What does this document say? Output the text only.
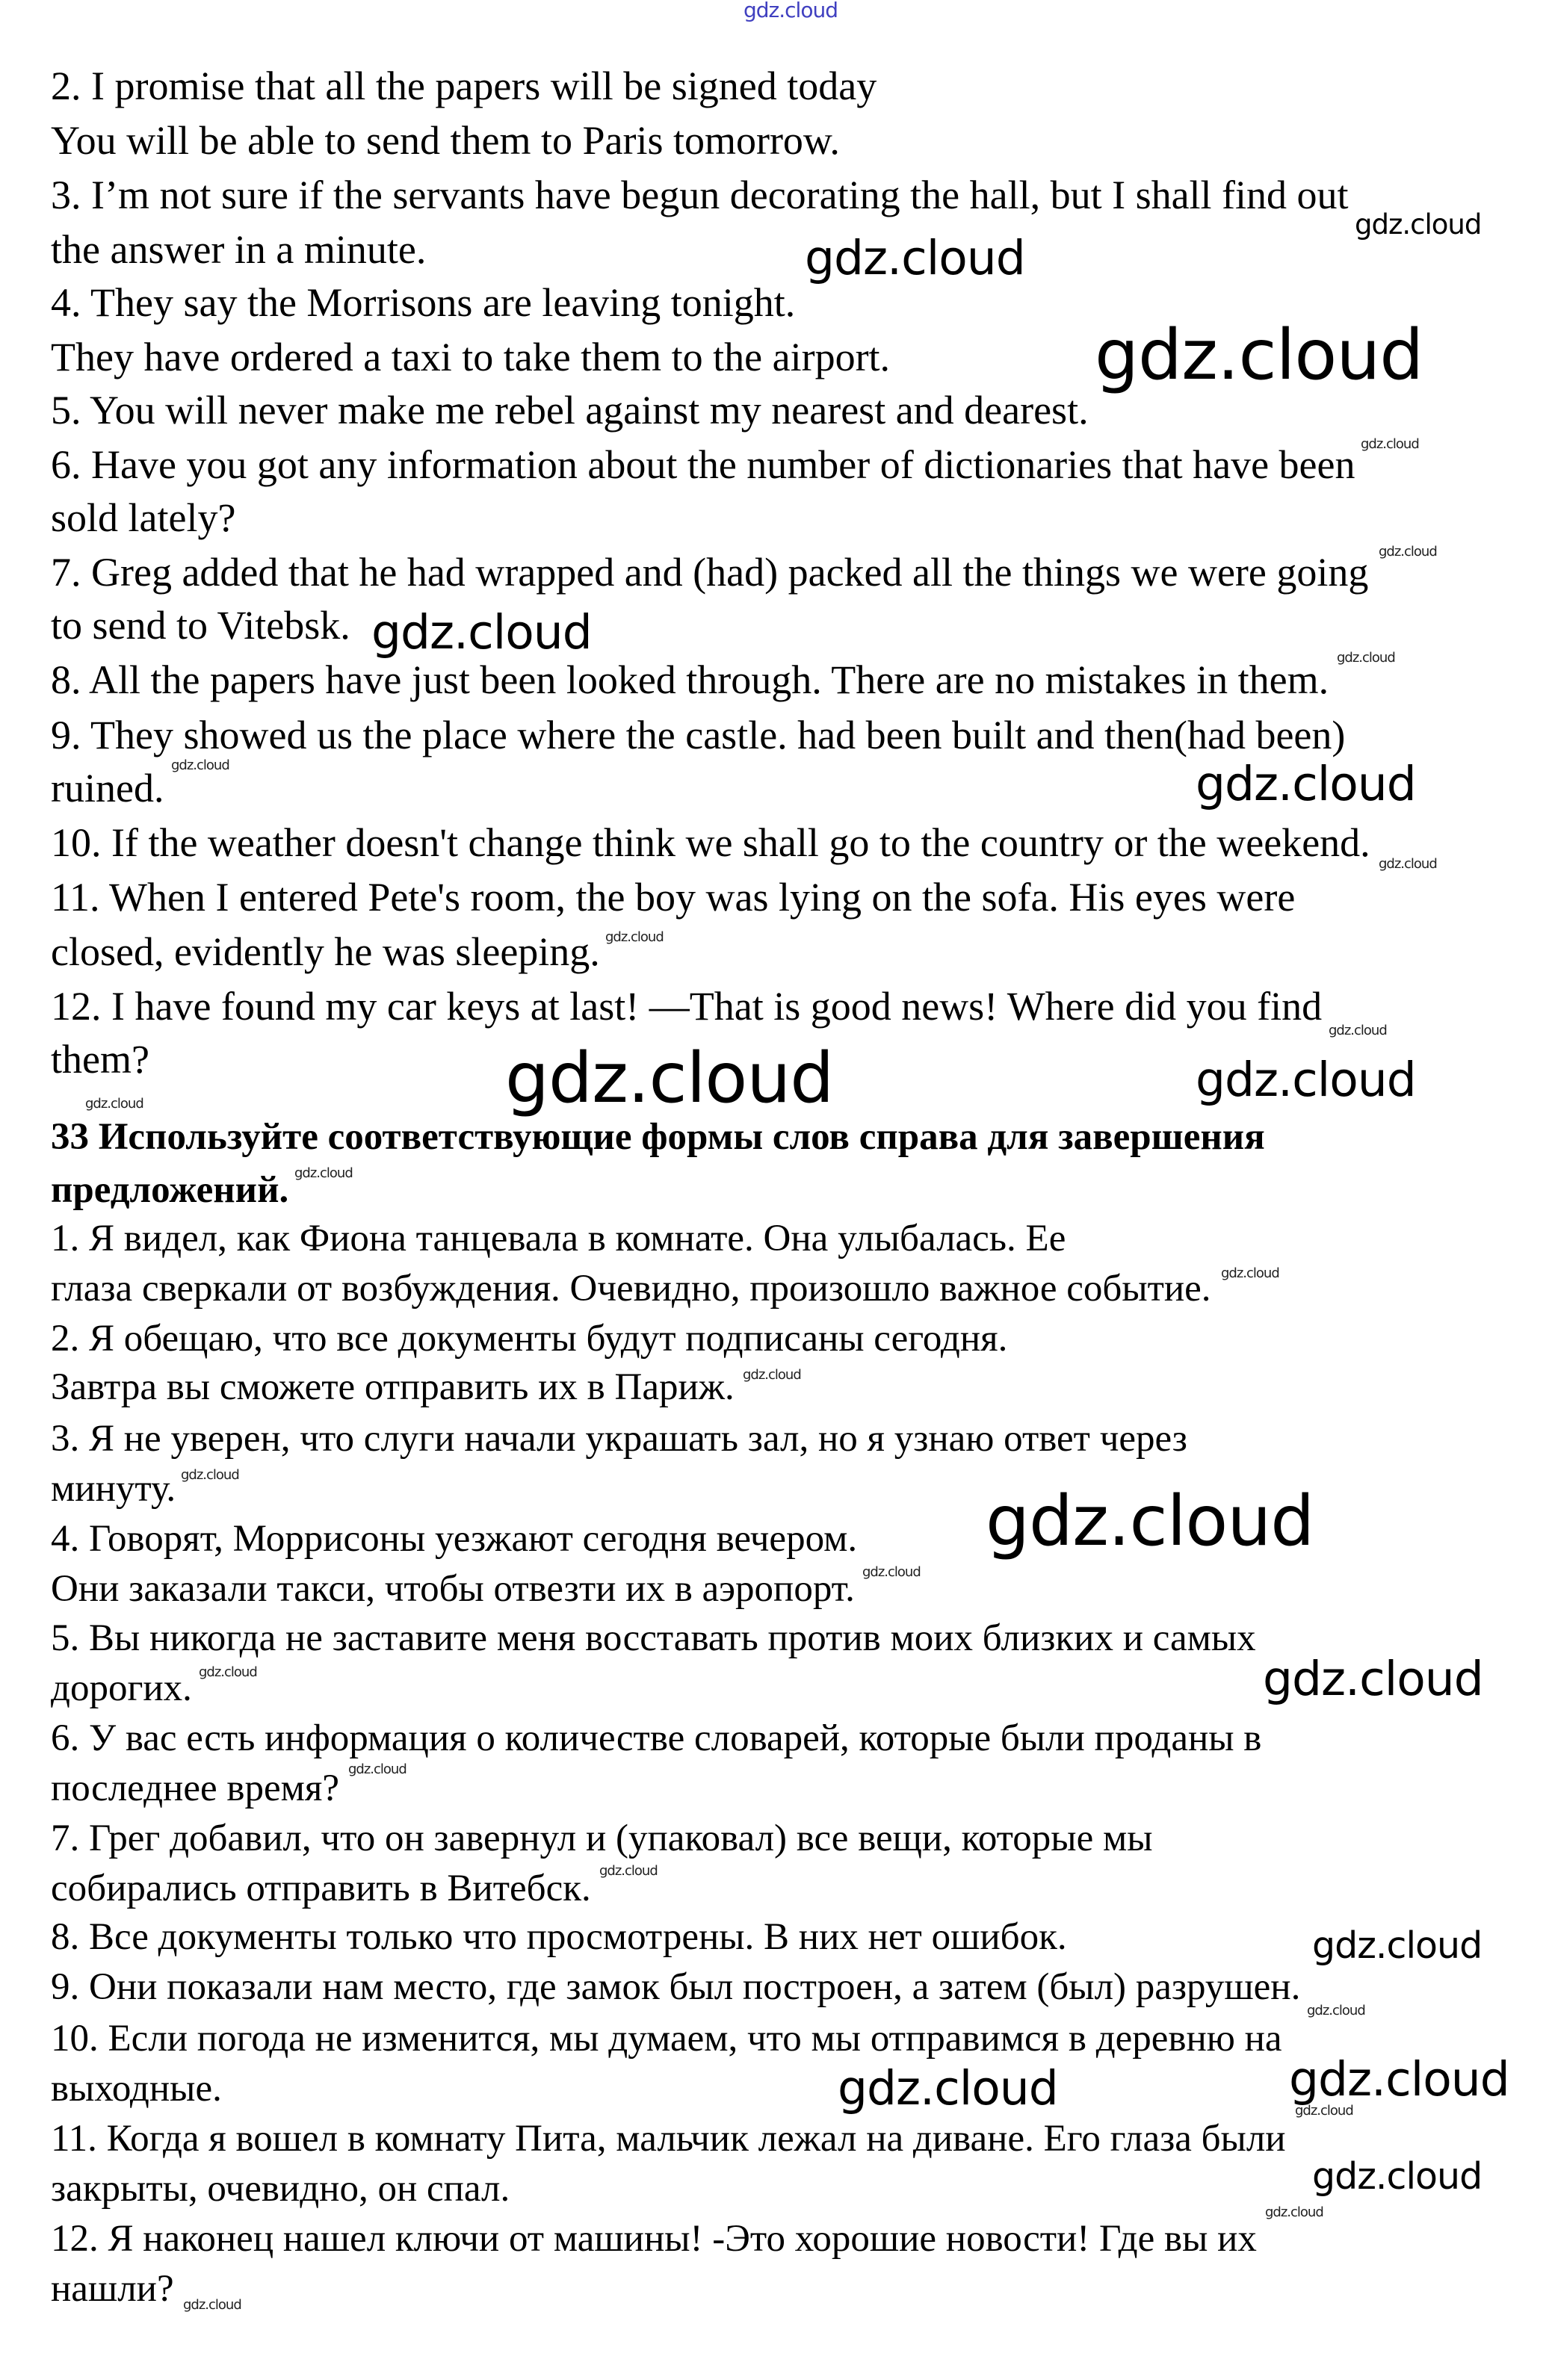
2. I promise that all the papers will be signed today
You will be able to send them to Paris tomorrow.
3. I’m not sure if the servants have begun decorating the hall, but I shall find out
the answer in a minute.
4. They say the Morrisons are leaving tonight.
They have ordered a taxi to take them to the airport.
5. You will never make me rebel against my nearest and dearest.
6. Have you got any information about the number of dictionaries that have been
sold lately?
7. Greg added that he had wrapped and (had) packed all the things we were going
to send to Vitebsk.
8. All the papers have just been looked through. There are no mistakes in them.
9. They showed us the place where the castle. had been built and then(had been)
ruined.
10. If the weather doesn't change think we shall go to the country or the weekend.
11. When I entered Pete's room, the boy was lying on the sofa. His eyes were
closed, evidently he was sleeping.
12. I have found my car keys at last! —That is good news! Where did you find
them?
33 Используйте соответствующие формы слов справа для завершения
предложений.
1. Я видел, как Фиона танцевала в комнате. Она улыбалась. Ее
глаза сверкали от возбуждения. Очевидно, произошло важное событие.
2. Я обещаю, что все документы будут подписаны сегодня.
Завтра вы сможете отправить их в Париж.
3. Я не уверен, что слуги начали украшать зал, но я узнаю ответ через
минуту.
4. Говорят, Моррисоны уезжают сегодня вечером.
Они заказали такси, чтобы отвезти их в аэропорт.
5. Вы никогда не заставите меня восставать против моих близких и самых
дорогих.
6. У вас есть информация о количестве словарей, которые были проданы в
последнее время?
7. Грег добавил, что он завернул и (упаковал) все вещи, которые мы
собирались отправить в Витебск.
8. Все документы только что просмотрены. В них нет ошибок.
9. Они показали нам место, где замок был построен, а затем (был) разрушен.
10. Если погода не изменится, мы думаем, что мы отправимся в деревню на
выходные.
11. Когда я вошел в комнату Пита, мальчик лежал на диване. Его глаза были
закрыты, очевидно, он спал.
12. Я наконец нашел ключи от машины! -Это хорошие новости! Где вы их
нашли?
gdz.cloud
gdz.cloud
gdz.cloud
gdz.cloud
gdz.cloud
gdz.cloud
gdz.cloud	gdz.cloud
gdz.cloud
gdz.cloud
gdz.cloud
gdz.cloud
gdz.cloud
gdz.cloud
gdz.cloud
gdz.cloud
gdz.cloud
gdz.cloud
gdz.cloud
gdz.cloud
gdz.cloud
gdz.cloud
gdz.cloud
gdz.cloud
gdz.cloud
gdz.cloud
gdz.cloud
gdz.cloud
gdz.cloud
gdz.cloud
gdz.cloud
gdz.cloud
gdz.cloud
gdz.cloud
